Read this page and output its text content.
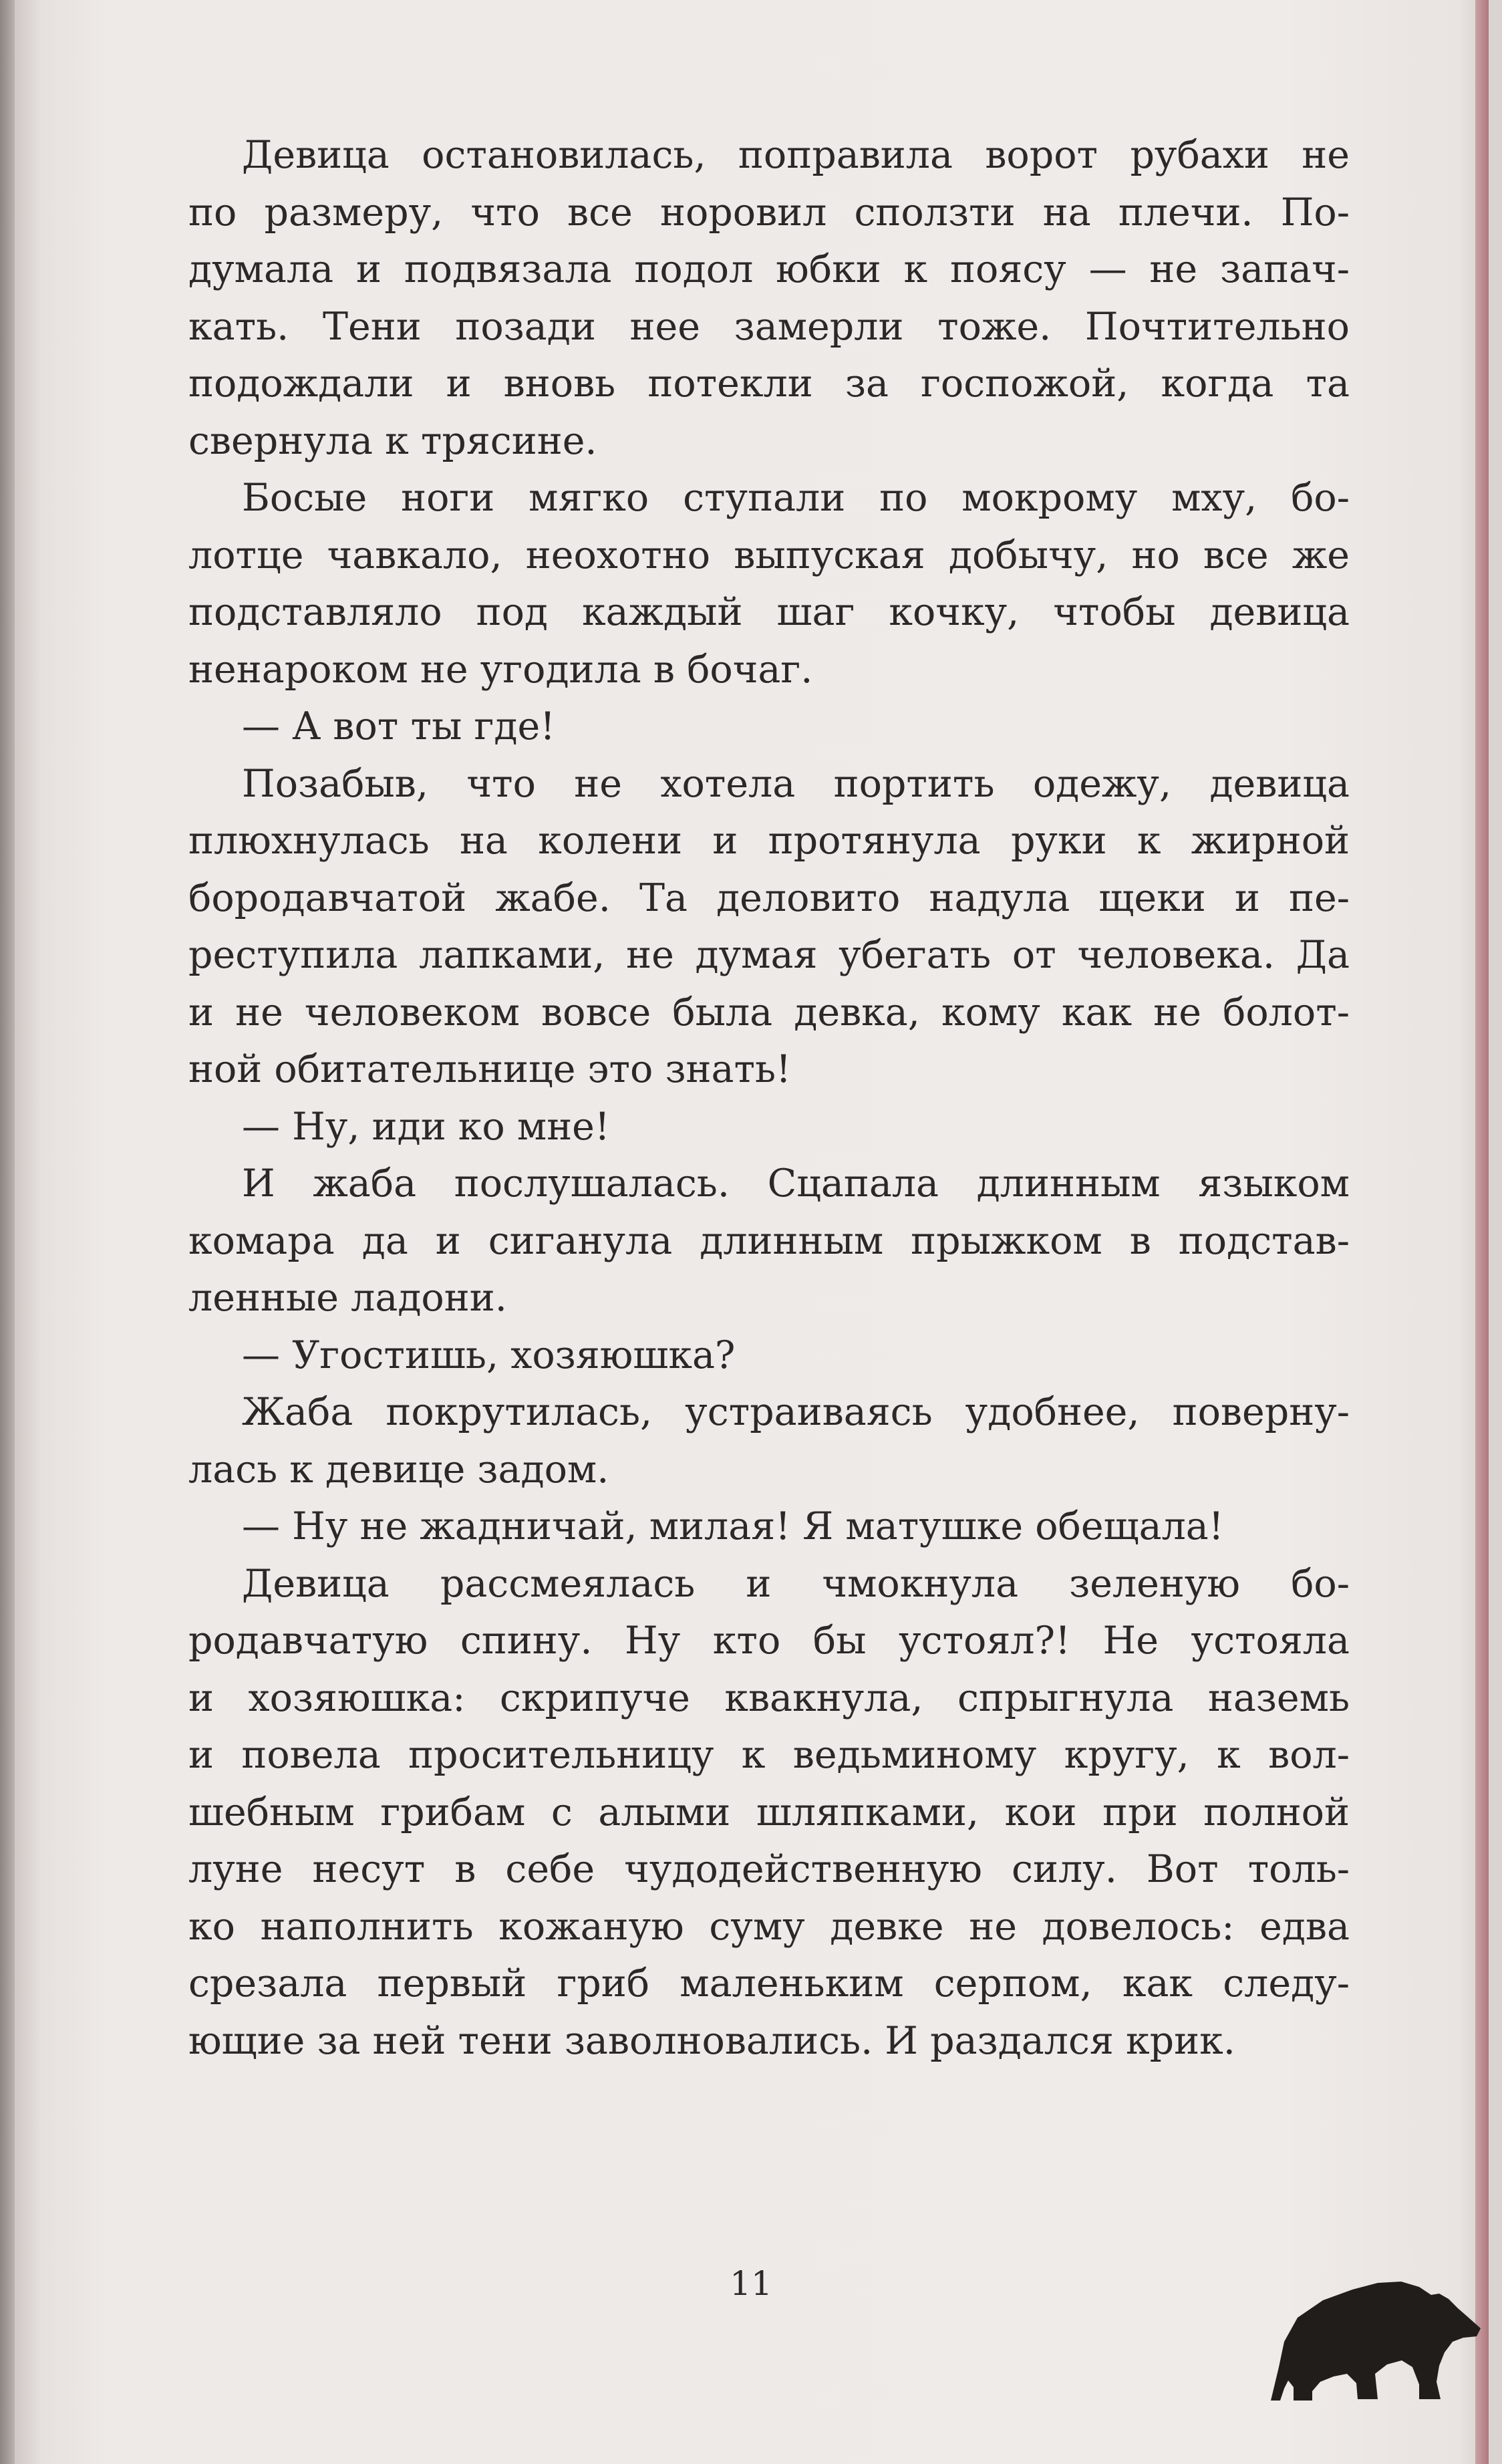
Девица остановилась, поправила ворот рубахи не
по размеру, что все норовил сползти на плечи. По-
думала и подвязала подол юбки к поясу — не запач-
кать. Тени позади нее замерли тоже. Почтительно
подождали и вновь потекли за госпожой, когда та
свернула к трясине.
Босые ноги мягко ступали по мокрому мху, бо-
лотце чавкало, неохотно выпуская добычу, но все же
подставляло под каждый шаг кочку, чтобы девица
ненароком не угодила в бочаг.
— А вот ты где!
Позабыв, что не хотела портить одежу, девица
плюхнулась на колени и протянула руки к жирной
бородавчатой жабе. Та деловито надула щеки и пе-
реступила лапками, не думая убегать от человека. Да
и не человеком вовсе была девка, кому как не болот-
ной обитательнице это знать!
— Ну, иди ко мне!
И жаба послушалась. Сцапала длинным языком
комара да и сиганула длинным прыжком в подстав-
ленные ладони.
— Угостишь, хозяюшка?
Жаба покрутилась, устраиваясь удобнее, поверну-
лась к девице задом.
— Ну не жадничай, милая! Я матушке обещала!
Девица рассмеялась и чмокнула зеленую бо-
родавчатую спину. Ну кто бы устоял?! Не устояла
и хозяюшка: скрипуче квакнула, спрыгнула наземь
и повела просительницу к ведьминому кругу, к вол-
шебным грибам с алыми шляпками, кои при полной
луне несут в себе чудодейственную силу. Вот толь-
ко наполнить кожаную суму девке не довелось: едва
срезала первый гриб маленьким серпом, как следу-
ющие за ней тени заволновались. И раздался крик.
11
